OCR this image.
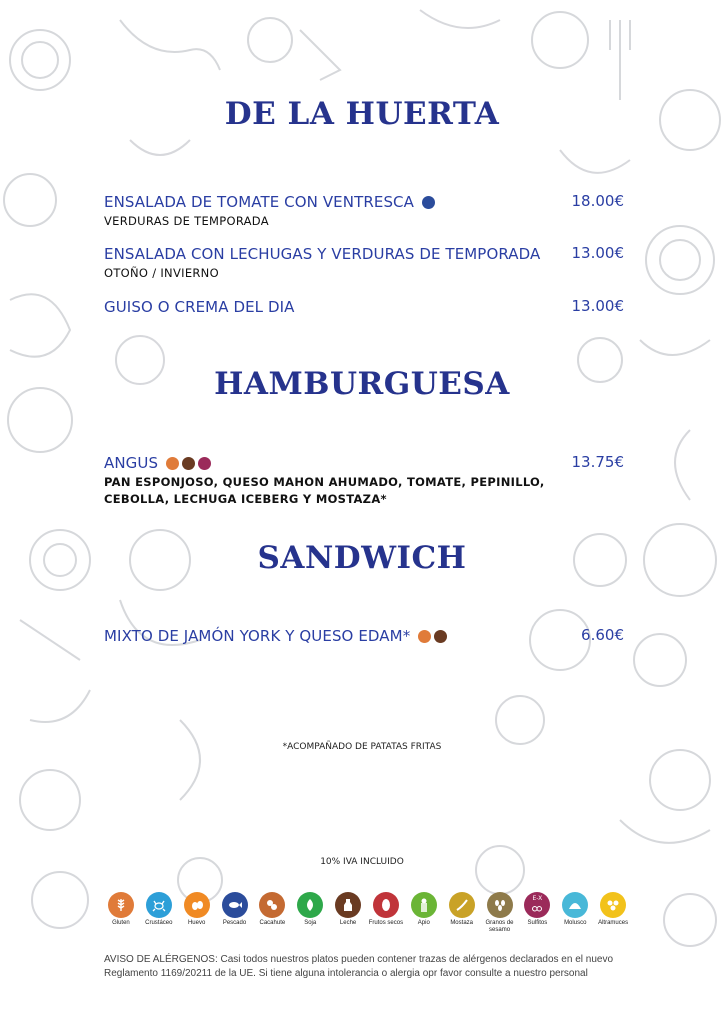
DE LA HUERTA
ENSALADA DE TOMATE CON VENTRESCA	18.00€
VERDURAS DE TEMPORADA
ENSALADA CON LECHUGAS Y VERDURAS DE TEMPORADA 13.00€
OTOÑO / INVIERNO
GUISO O CREMA DEL DIA	13.00€
HAMBURGUESA
ANGUS	13.75€
PAN ESPONJOSO, QUESO MAHON AHUMADO, TOMATE, PEPINILLO,
CEBOLLA, LECHUGA ICEBERG Y MOSTAZA*
SANDWICH
MIXTO DE JAMÓN YORK Y QUESO EDAM*	6.60€
*ACOMPAÑADO DE PATATAS FRITAS
10% IVA INCLUIDO
Gluten	Crustáceo	Huevo	Pescado Cacahute	Soja	Leche Frutos secos Apio	Mostaza	Granos de sesamo
E-X
Sulfitos	Molusco Altramuces
AVISO DE ALÉRGENOS: Casi todos nuestros platos pueden contener trazas de alérgenos declarados en el nuevo Reglamento 1169/20211 de la UE. Si tiene alguna intolerancia o alergia opr favor consulte a nuestro personal
